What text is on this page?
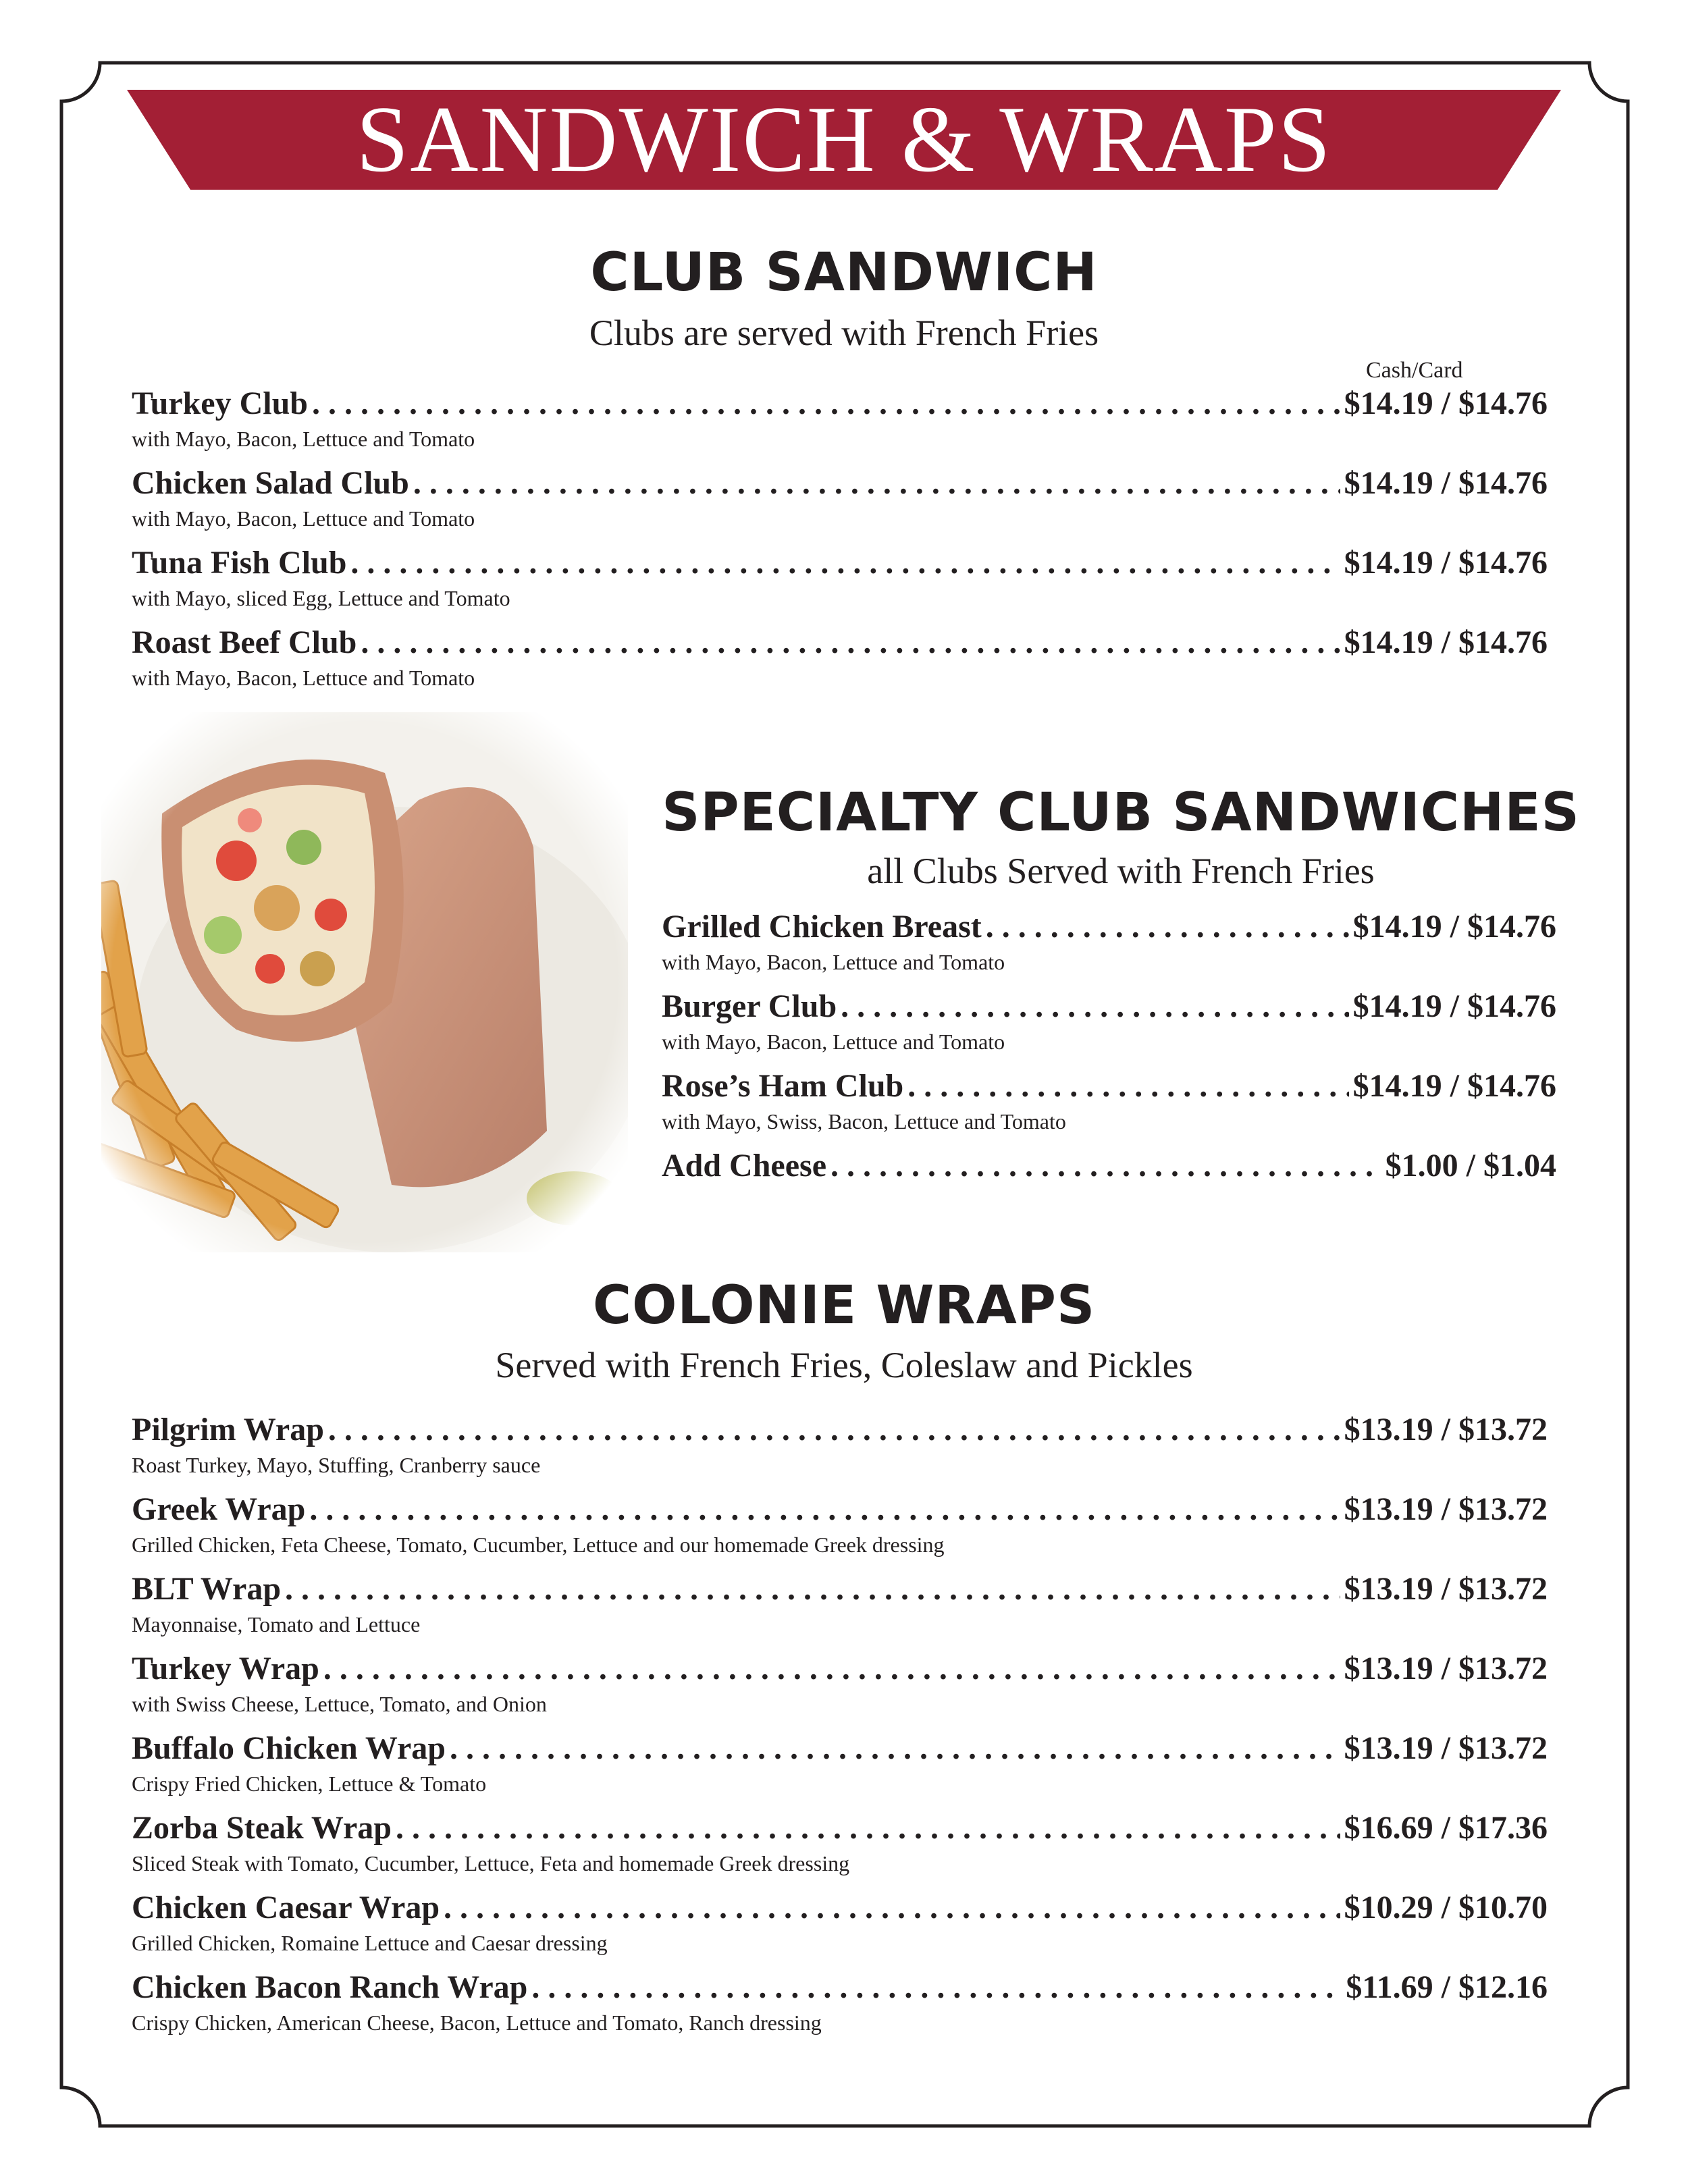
SANDWICH & WRAPS
CLUB SANDWICH
Clubs are served with French Fries
Cash/Card
Turkey Club . . .	$14.19 / $14.76
with Mayo, Bacon, Lettuce and Tomato
Chicken Salad Club . . .	$14.19 / $14.76
with Mayo, Bacon, Lettuce and Tomato
Tuna Fish Club . . .	$14.19 / $14.76
with Mayo, sliced Egg, Lettuce and Tomato
Roast Beef Club . . .	$14.19 / $14.76
with Mayo, Bacon, Lettuce and Tomato
SPECIALTY CLUB SANDWICHES
all Clubs Served with French Fries
Grilled Chicken Breast . . .	$14.19 / $14.76
with Mayo, Bacon, Lettuce and Tomato
Burger Club . . .	$14.19 / $14.76
with Mayo, Bacon, Lettuce and Tomato
Rose’s Ham Club . . .	$14.19 / $14.76
with Mayo, Swiss, Bacon, Lettuce and Tomato
Add Cheese . . .	$1.00 / $1.04
COLONIE WRAPS
Served with French Fries, Coleslaw and Pickles
Pilgrim Wrap . . .	$13.19 / $13.72
Roast Turkey, Mayo, Stuffing, Cranberry sauce
Greek Wrap . . .	$13.19 / $13.72
Grilled Chicken, Feta Cheese, Tomato, Cucumber, Lettuce and our homemade Greek dressing
BLT Wrap . . .	$13.19 / $13.72
Mayonnaise, Tomato and Lettuce
Turkey Wrap . . .	$13.19 / $13.72
with Swiss Cheese, Lettuce, Tomato, and Onion
Buffalo Chicken Wrap . . .	$13.19 / $13.72
Crispy Fried Chicken, Lettuce & Tomato
Zorba Steak Wrap . . .	$16.69 / $17.36
Sliced Steak with Tomato, Cucumber, Lettuce, Feta and homemade Greek dressing
Chicken Caesar Wrap . . .	$10.29 / $10.70
Grilled Chicken, Romaine Lettuce and Caesar dressing
Chicken Bacon Ranch Wrap . . .	$11.69 / $12.16
Crispy Chicken, American Cheese, Bacon, Lettuce and Tomato, Ranch dressing
